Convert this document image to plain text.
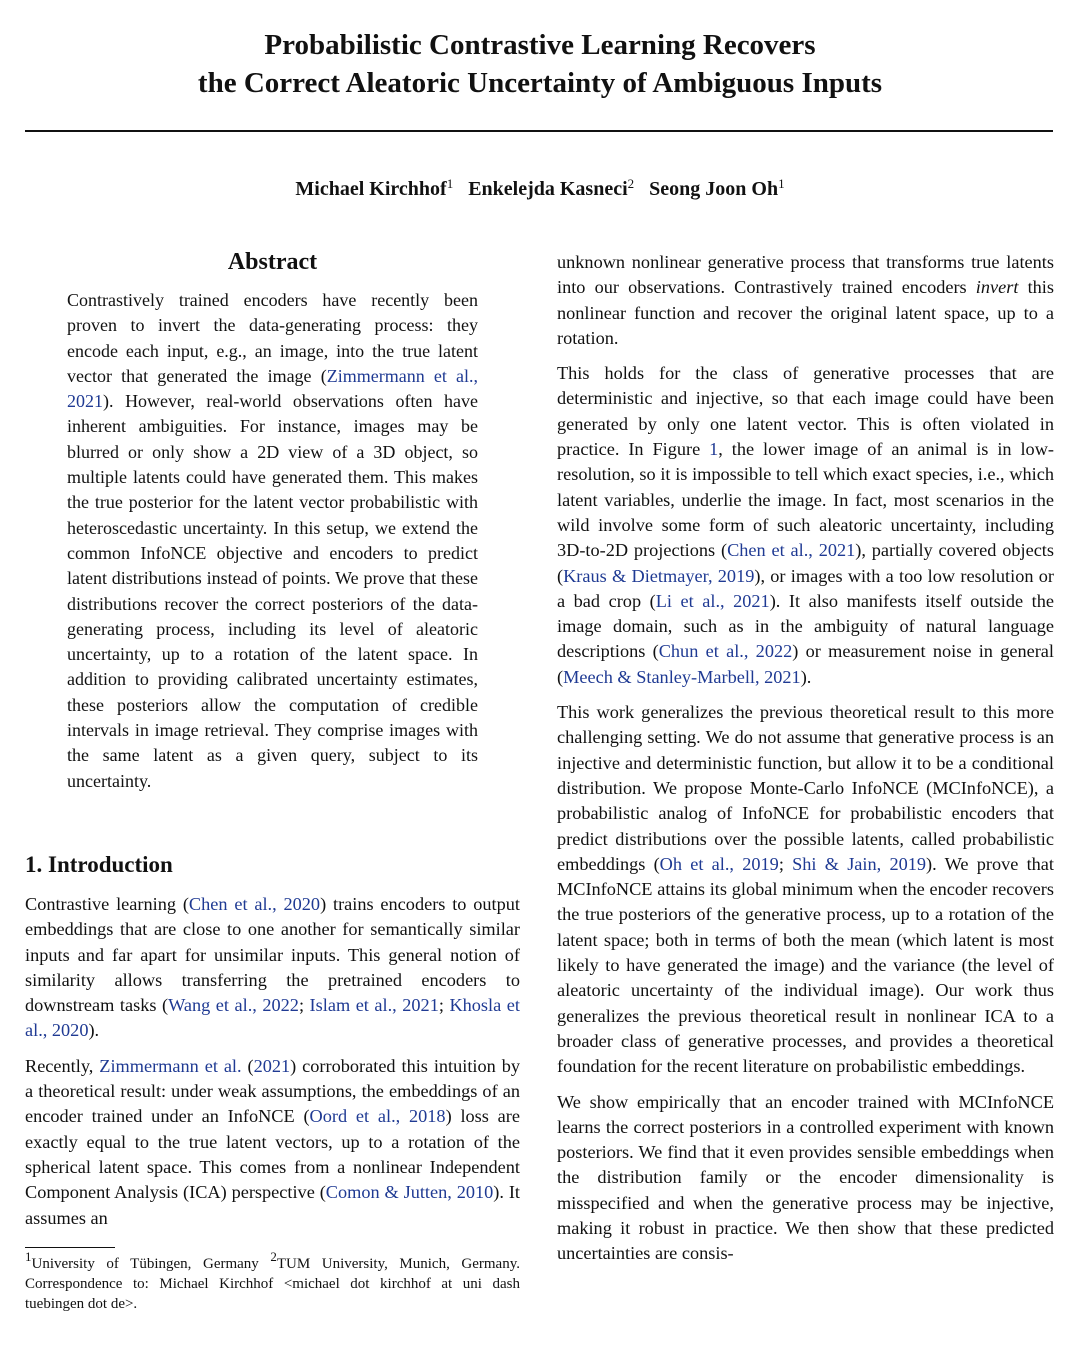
Probabilistic Contrastive Learning Recovers
the Correct Aleatoric Uncertainty of Ambiguous Inputs
Michael Kirchhof$^1$ Enkelejda Kasneci$^2$ Seong Joon Oh$^1$
Abstract
Contrastively trained encoders have recently been proven to invert the data-generating process: they encode each input, e.g., an image, into the true latent vector that generated the image (Zimmermann et al., 2021). However, real-world observations often have inherent ambiguities. For instance, images may be blurred or only show a 2D view of a 3D object, so multiple latents could have generated them. This makes the true posterior for the latent vector probabilistic with heteroscedastic uncertainty. In this setup, we extend the common InfoNCE objective and encoders to predict latent distributions instead of points. We prove that these distributions recover the correct posteriors of the data-generating process, including its level of aleatoric uncertainty, up to a rotation of the latent space. In addition to providing calibrated uncertainty estimates, these posteriors allow the computation of credible intervals in image retrieval. They comprise images with the same latent as a given query, subject to its uncertainty.
1. Introduction

Contrastive learning (Chen et al., 2020) trains encoders to output embeddings that are close to one another for semantically similar inputs and far apart for unsimilar inputs. This general notion of similarity allows transferring the pretrained encoders to downstream tasks (Wang et al., 2022; Islam et al., 2021; Khosla et al., 2020).

Recently, Zimmermann et al. (2021) corroborated this intuition by a theoretical result: under weak assumptions, the embeddings of an encoder trained under an InfoNCE (Oord et al., 2018) loss are exactly equal to the true latent vectors, up to a rotation of the spherical latent space. This comes from a nonlinear Independent Component Analysis (ICA) perspective (Comon & Jutten, 2010). It assumes an

$^1$University of Tübingen, Germany $^2$TUM University, Munich, Germany. Correspondence to: Michael Kirchhof <michael dot kirchhof at uni dash tuebingen dot de>.

unknown nonlinear generative process that transforms true latents into our observations. Contrastively trained encoders invert this nonlinear function and recover the original latent space, up to a rotation.

This holds for the class of generative processes that are deterministic and injective, so that each image could have been generated by only one latent vector. This is often violated in practice. In Figure 1, the lower image of an animal is in low-resolution, so it is impossible to tell which exact species, i.e., which latent variables, underlie the image. In fact, most scenarios in the wild involve some form of such aleatoric uncertainty, including 3D-to-2D projections (Chen et al., 2021), partially covered objects (Kraus & Dietmayer, 2019), or images with a too low resolution or a bad crop (Li et al., 2021). It also manifests itself outside the image domain, such as in the ambiguity of natural language descriptions (Chun et al., 2022) or measurement noise in general (Meech & Stanley-Marbell, 2021).

This work generalizes the previous theoretical result to this more challenging setting. We do not assume that generative process is an injective and deterministic function, but allow it to be a conditional distribution. We propose Monte-Carlo InfoNCE (MCInfoNCE), a probabilistic analog of InfoNCE for probabilistic encoders that predict distributions over the possible latents, called probabilistic embeddings (Oh et al., 2019; Shi & Jain, 2019). We prove that MCInfoNCE attains its global minimum when the encoder recovers the true posteriors of the generative process, up to a rotation of the latent space; both in terms of both the mean (which latent is most likely to have generated the image) and the variance (the level of aleatoric uncertainty of the individual image). Our work thus generalizes the previous theoretical result in nonlinear ICA to a broader class of generative processes, and provides a theoretical foundation for the recent literature on probabilistic embeddings.

We show empirically that an encoder trained with MCInfoNCE learns the correct posteriors in a controlled experiment with known posteriors. We find that it even provides sensible embeddings when the distribution family or the encoder dimensionality is misspecified and when the generative process may be injective, making it robust in practice. We then show that these predicted uncertainties are consis-
